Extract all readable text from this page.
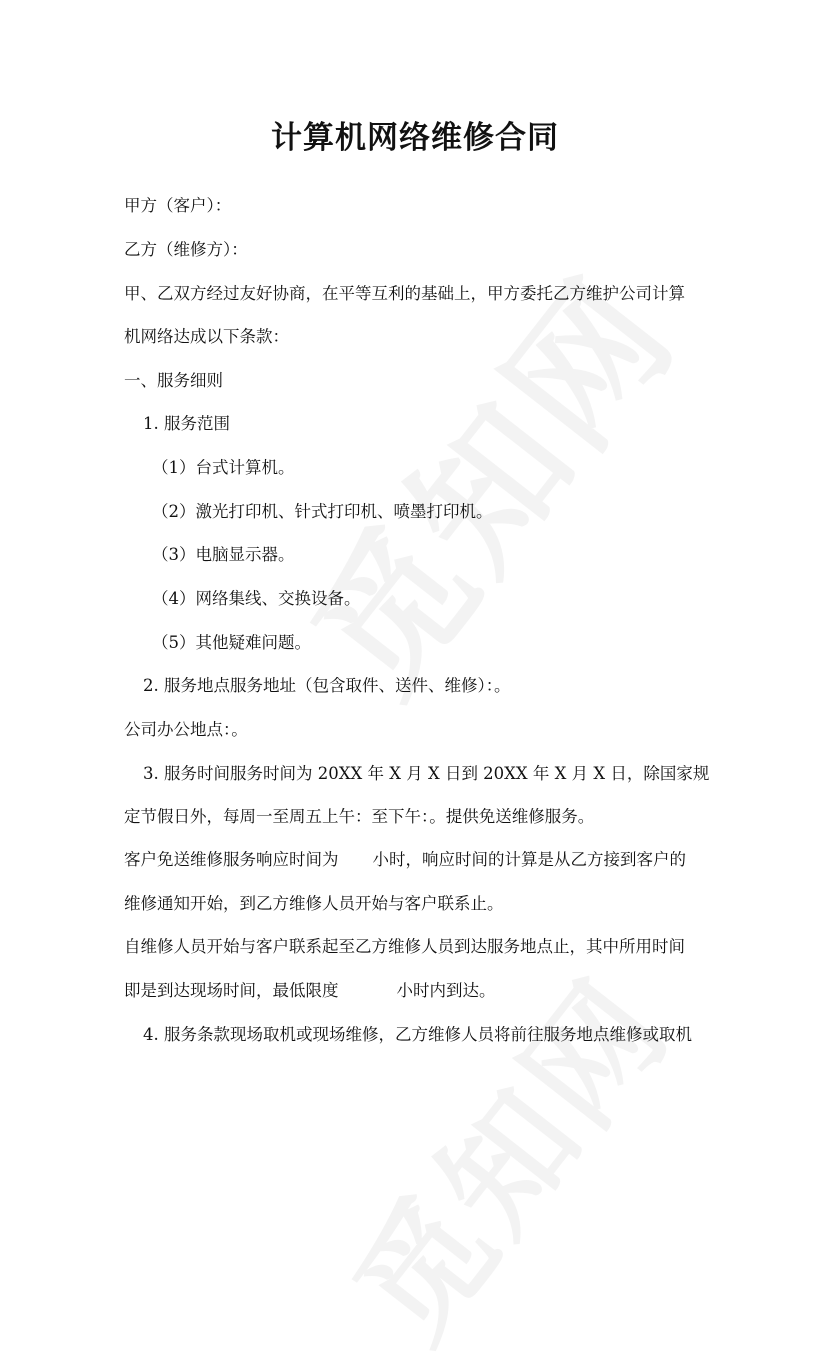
计算机网络维修合同
甲方（客户）：
乙方（维修方）：
甲、乙双方经过友好协商，在平等互利的基础上，甲方委托乙方维护公司计算
机网络达成以下条款：
一、服务细则
1. 服务范围
（1）台式计算机。
（2）激光打印机、针式打印机、喷墨打印机。
（3）电脑显示器。
（4）网络集线、交换设备。
（5）其他疑难问题。
2. 服务地点服务地址（包含取件、送件、维修）：。
公司办公地点：。
3. 服务时间服务时间为 20XX 年 X 月 X 日到 20XX 年 X 月 X 日，除国家规
定节假日外，每周一至周五上午：至下午：。提供免送维修服务。
客户免送维修服务响应时间为 小时，响应时间的计算是从乙方接到客户的
维修通知开始，到乙方维修人员开始与客户联系止。
自维修人员开始与客户联系起至乙方维修人员到达服务地点止，其中所用时间
即是到达现场时间，最低限度	小时内到达。
4. 服务条款现场取机或现场维修，乙方维修人员将前往服务地点维修或取机
